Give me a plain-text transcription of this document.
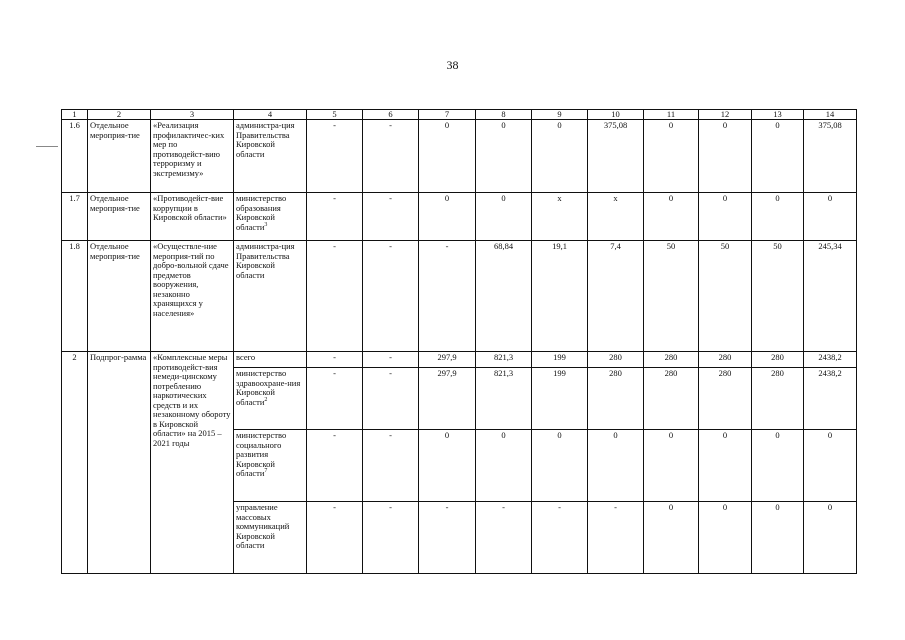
38
1	2	3	4	5	6	7	8	9	10	11	12	13	14
1.6	Отдельное мероприя-тие	«Реализация профилактичес-ких мер по противодейст-вию терроризму и экстремизму»	администра-ция Правительства Кировской области	-	-	0	0	0	375,08	0	0	0	375,08
1.7	Отдельное мероприя-тие	«Противодейст-вие коррупции в Кировской области»	министерство образования Кировской области$^3$	-	-	0	0	х	х	0	0	0	0
1.8	Отдельное мероприя-тие	«Осуществле-ние мероприя-тий по добро-вольной сдаче предметов вооружения, незаконно хранящихся у населения»	администра-ция Правительства Кировской области	-	-	-	68,84	19,1	7,4	50	50	50	245,34
2	Подпрог-рамма	«Комплексные меры противодейст-вия немеди-цинскому потреблению наркотических средств и их незаконному обороту в Кировской области» на 2015 – 2021 годы	всего	-	-	297,9	821,3	199	280	280	280	280	2438,2
			министерство здравоохране-ния Кировской области$^2$	-	-	297,9	821,3	199	280	280	280	280	2438,2
			министерство социального развития Кировской области$^7$	-	-	0	0	0	0	0	0	0	0
			управление массовых коммуникаций Кировской области	-	-	-	-	-	-	0	0	0	0
